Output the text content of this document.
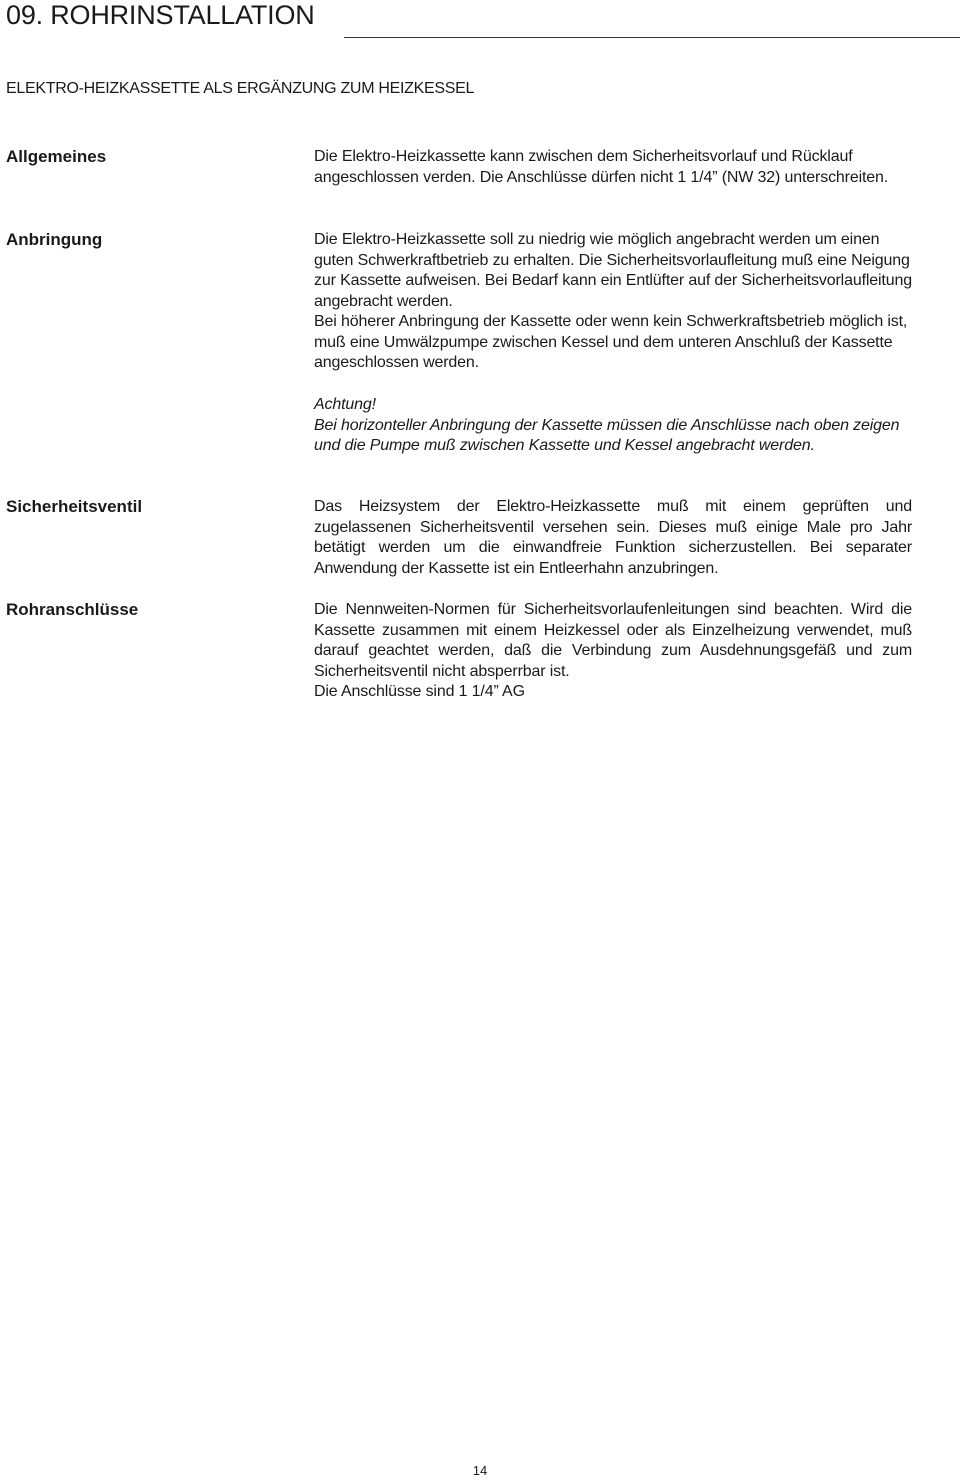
09. ROHRINSTALLATION
ELEKTRO-HEIZKASSETTE ALS ERGÄNZUNG ZUM HEIZKESSEL
Allgemeines	Die Elektro-Heizkassette kann zwischen dem Sicherheitsvorlauf und Rücklauf angeschlossen verden. Die Anschlüsse dürfen nicht 1 1/4” (NW 32) unterschreiten.

Anbringung	Die Elektro-Heizkassette soll zu niedrig wie möglich angebracht werden um einen guten Schwerkraftbetrieb zu erhalten. Die Sicherheitsvorlaufleitung muß eine Neigung zur Kassette aufweisen. Bei Bedarf kann ein Entlüfter auf der Sicherheitsvorlaufleitung angebracht werden.

Bei höherer Anbringung der Kassette oder wenn kein Schwerkraftsbetrieb möglich ist, muß eine Umwälzpumpe zwischen Kessel und dem unteren Anschluß der Kassette angeschlossen werden.

Achtung!

Bei horizonteller Anbringung der Kassette müssen die Anschlüsse nach oben zeigen und die Pumpe muß zwischen Kassette und Kessel angebracht werden.

Sicherheitsventil	Das Heizsystem der Elektro-Heizkassette muß mit einem geprüften und zugelassenen Sicherheitsventil versehen sein. Dieses muß einige Male pro Jahr betätigt werden um die einwandfreie Funktion sicherzustellen. Bei separater Anwendung der Kassette ist ein Entleerhahn anzubringen.

Rohranschlüsse	Die Nennweiten-Normen für Sicherheitsvorlaufenleitungen sind beachten. Wird die Kassette zusammen mit einem Heizkessel oder als Einzelheizung verwendet, muß darauf geachtet werden, daß die Verbindung zum Ausdehnungsgefäß und zum Sicherheitsventil nicht absperrbar ist.

Die Anschlüsse sind 1 1/4” AG

14
